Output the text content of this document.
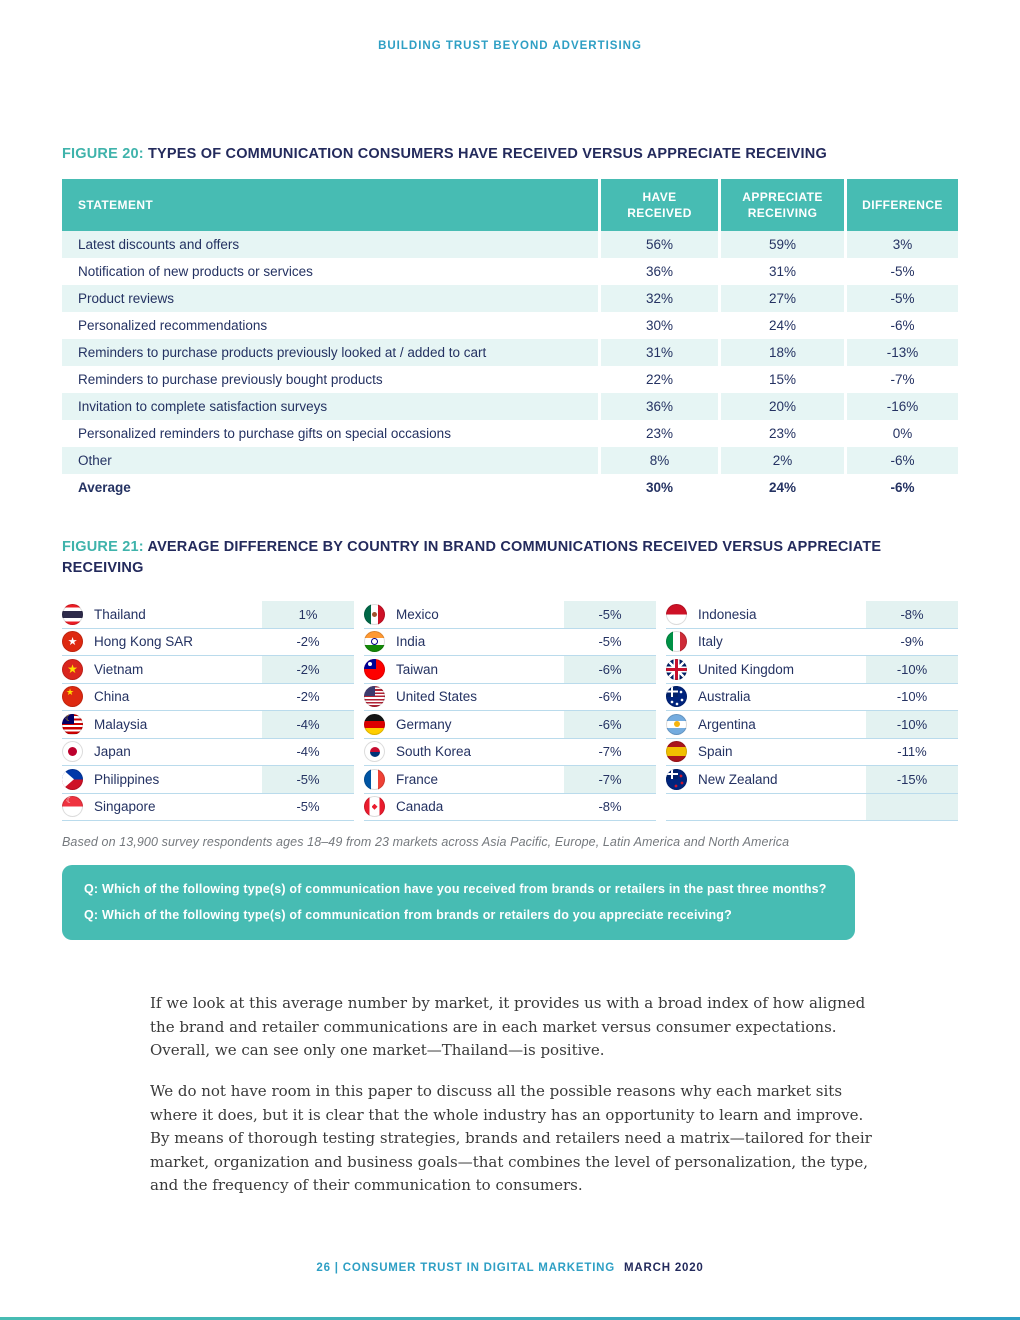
BUILDING TRUST BEYOND ADVERTISING
FIGURE 20: TYPES OF COMMUNICATION CONSUMERS HAVE RECEIVED VERSUS APPRECIATE RECEIVING
STATEMENT	HAVE RECEIVED	APPRECIATE RECEIVING	DIFFERENCE
Latest discounts and offers	56%	59%	3%
Notification of new products or services	36%	31%	-5%
Product reviews	32%	27%	-5%
Personalized recommendations	30%	24%	-6%
Reminders to purchase products previously looked at / added to cart	31%	18%	-13%
Reminders to purchase previously bought products	22%	15%	-7%
Invitation to complete satisfaction surveys	36%	20%	-16%
Personalized reminders to purchase gifts on special occasions	23%	23%	0%
Other	8%	2%	-6%
Average	30%	24%	-6%
FIGURE 21: AVERAGE DIFFERENCE BY COUNTRY IN BRAND COMMUNICATIONS RECEIVED VERSUS APPRECIATE RECEIVING
Thailand	1%
★
Hong Kong SAR	-2%
★
Vietnam	-2%
★
China	-2%
☾
Malaysia	-4%
Japan	-4%
Philippines	-5%
☾
Singapore	-5%
Mexico	-5%
India	-5%
Taiwan	-6%
United States	-6%
Germany	-6%
South Korea	-7%
France	-7%
Canada	-8%
Indonesia	-8%
Italy	-9%
United Kingdom	-10%
Australia	-10%
Argentina	-10%
Spain	-11%
New Zealand	-15%
Based on 13,900 survey respondents ages 18–49 from 23 markets across Asia Pacific, Europe, Latin America and North America
Q: Which of the following type(s) of communication have you received from brands or retailers in the past three months?
Q: Which of the following type(s) of communication from brands or retailers do you appreciate receiving?

If we look at this average number by market, it provides us with a broad index of how aligned the brand and retailer communications are in each market versus consumer expectations. Overall, we can see only one market—Thailand—is positive.

We do not have room in this paper to discuss all the possible reasons why each market sits where it does, but it is clear that the whole industry has an opportunity to learn and improve. By means of thorough testing strategies, brands and retailers need a matrix—tailored for their market, organization and business goals—that combines the level of personalization, the type, and the frequency of their communication to consumers.

26 | CONSUMER TRUST IN DIGITAL MARKETING MARCH 2020
